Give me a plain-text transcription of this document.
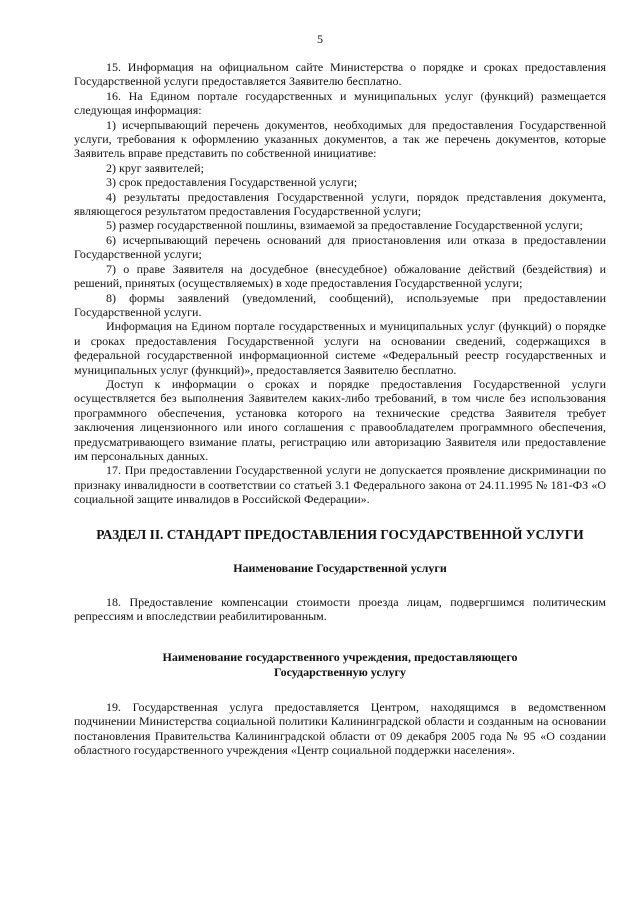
5

15. Информация на официальном сайте Министерства о порядке и сроках предоставления Государственной услуги предоставляется Заявителю бесплатно.

16. На Едином портале государственных и муниципальных услуг (функций) размещается следующая информация:

1) исчерпывающий перечень документов, необходимых для предоставления Государственной услуги, требования к оформлению указанных документов, а так же перечень документов, которые Заявитель вправе представить по собственной инициативе:

2) круг заявителей;

3) срок предоставления Государственной услуги;

4) результаты предоставления Государственной услуги, порядок представления документа, являющегося результатом предоставления Государственной услуги;

5) размер государственной пошлины, взимаемой за предоставление Государственной услуги;

6) исчерпывающий перечень оснований для приостановления или отказа в предоставлении Государственной услуги;

7) о праве Заявителя на досудебное (внесудебное) обжалование действий (бездействия) и решений, принятых (осуществляемых) в ходе предоставления Государственной услуги;

8) формы заявлений (уведомлений, сообщений), используемые при предоставлении Государственной услуги.

Информация на Едином портале государственных и муниципальных услуг (функций) о порядке и сроках предоставления Государственной услуги на основании сведений, содержащихся в федеральной государственной информационной системе «Федеральный реестр государственных и муниципальных услуг (функций)», предоставляется Заявителю бесплатно.

Доступ к информации о сроках и порядке предоставления Государственной услуги осуществляется без выполнения Заявителем каких-либо требований, в том числе без использования программного обеспечения, установка которого на технические средства Заявителя требует заключения лицензионного или иного соглашения с правообладателем программного обеспечения, предусматривающего взимание платы, регистрацию или авторизацию Заявителя или предоставление им персональных данных.

17. При предоставлении Государственной услуги не допускается проявление дискриминации по признаку инвалидности в соответствии со статьей 3.1 Федерального закона от 24.11.1995 № 181-ФЗ «О социальной защите инвалидов в Российской Федерации».

РАЗДЕЛ II. СТАНДАРТ ПРЕДОСТАВЛЕНИЯ ГОСУДАРСТВЕННОЙ УСЛУГИ
Наименование Государственной услуги

18. Предоставление компенсации стоимости проезда лицам, подвергшимся политическим репрессиям и впоследствии реабилитированным.

Наименование государственного учреждения, предоставляющего
Государственную услугу

19. Государственная услуга предоставляется Центром, находящимся в ведомственном подчинении Министерства социальной политики Калининградской области и созданным на основании постановления Правительства Калининградской области от 09 декабря 2005 года № 95 «О создании областного государственного учреждения «Центр социальной поддержки населения».
